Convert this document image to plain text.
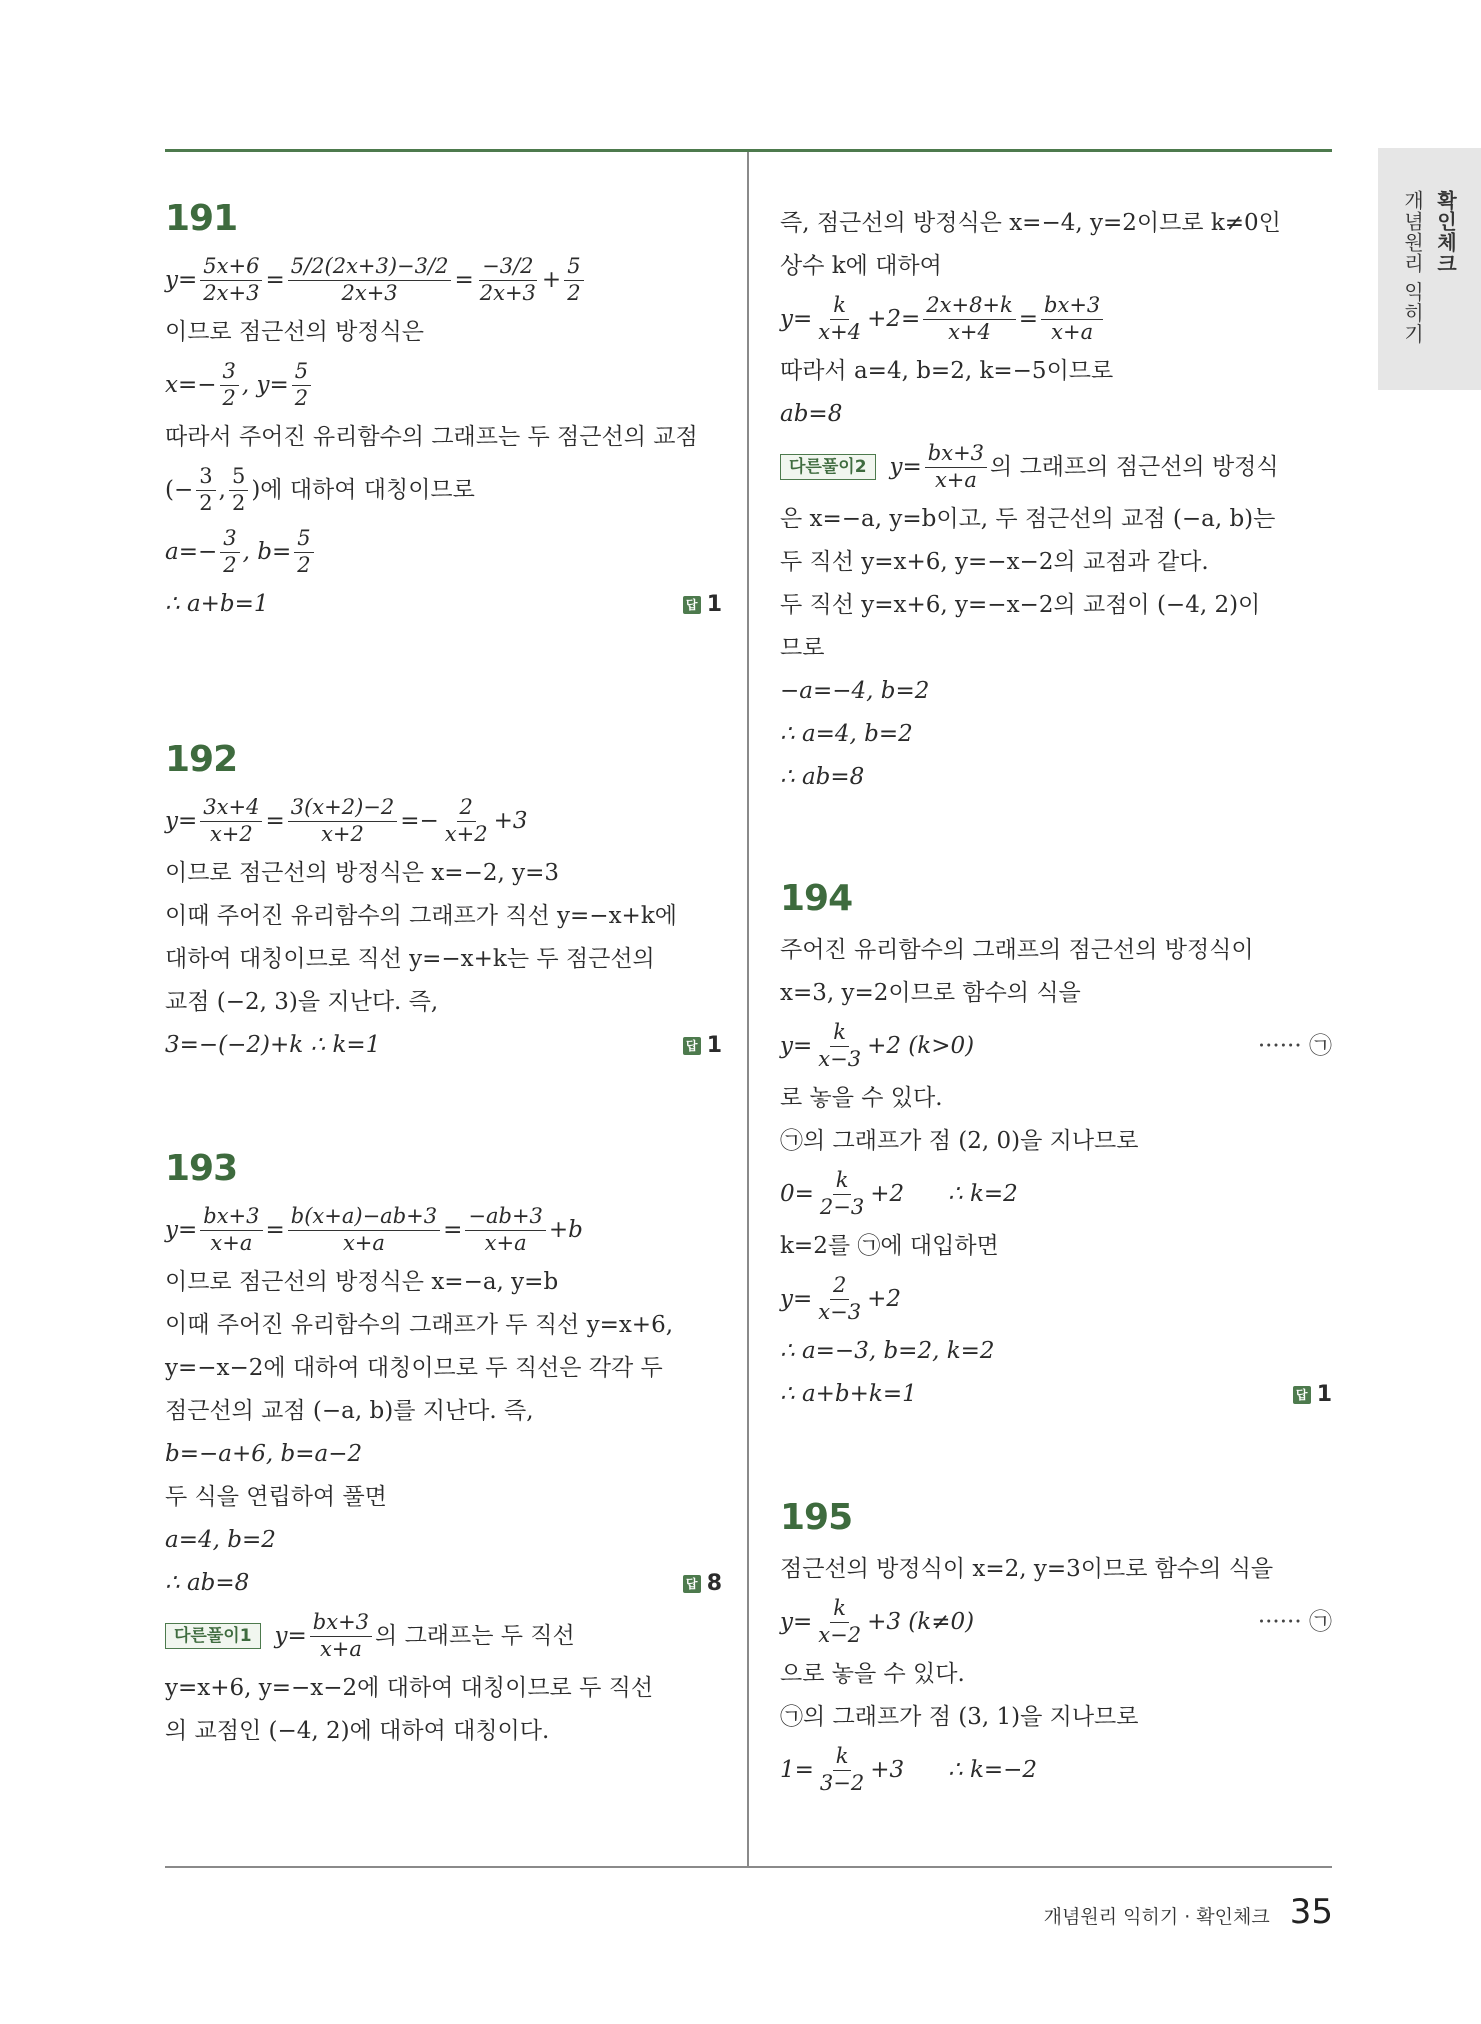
확인체크
개념원리 익히기
191
$y= \frac{5x+6}{2x+3} = \frac{5/2(2x+3)-3/2}{2x+3} = \frac{-3/2}{2x+3} + \frac{5}{2}$
이므로 점근선의 방정식은
$x=- \frac{3}{2}$ , $y= \frac{5}{2}$
따라서 주어진 유리함수의 그래프는 두 점근선의 교점
(− $\frac{3}{2}$ , $\frac{5}{2}$ )에 대하여 대칭이므로
$a=- \frac{3}{2}$ , $b= \frac{5}{2}$
∴ a+b=1	답 1
192
$y= \frac{3x+4}{x+2} = \frac{3(x+2)-2}{x+2} =- \frac{2}{x+2} +3$
이므로 점근선의 방정식은 x=−2, y=3
이때 주어진 유리함수의 그래프가 직선 y=−x+k에
대하여 대칭이므로 직선 y=−x+k는 두 점근선의
교점 (−2, 3)을 지난다. 즉,
3=−(−2)+k ∴ k=1	답 1
193
$y= \frac{bx+3}{x+a} = \frac{b(x+a)-ab+3}{x+a} = \frac{-ab+3}{x+a} +b$
이므로 점근선의 방정식은 x=−a, y=b
이때 주어진 유리함수의 그래프가 두 직선 y=x+6,
y=−x−2에 대하여 대칭이므로 두 직선은 각각 두
점근선의 교점 (−a, b)를 지난다. 즉,
b=−a+6, b=a−2
두 식을 연립하여 풀면
a=4, b=2
∴ ab=8	답 8
다른풀이1	$y= \frac{bx+3}{x+a}$ 의 그래프는 두 직선
y=x+6, y=−x−2에 대하여 대칭이므로 두 직선
의 교점인 (−4, 2)에 대하여 대칭이다.
즉, 점근선의 방정식은 x=−4, y=2이므로 k≠0인
상수 k에 대하여
$y= \frac{k}{x+4} +2= \frac{2x+8+k}{x+4} = \frac{bx+3}{x+a}$
따라서 a=4, b=2, k=−5이므로
ab=8
다른풀이2	$y= \frac{bx+3}{x+a}$ 의 그래프의 점근선의 방정식
은 x=−a, y=b이고, 두 점근선의 교점 (−a, b)는
두 직선 y=x+6, y=−x−2의 교점과 같다.
두 직선 y=x+6, y=−x−2의 교점이 (−4, 2)이
므로
−a=−4, b=2
∴ a=4, b=2
∴ ab=8
194
주어진 유리함수의 그래프의 점근선의 방정식이
x=3, y=2이므로 함수의 식을
$y= \frac{k}{x-3} +2$ (k>0)	······ ㉠
로 놓을 수 있다.
㉠의 그래프가 점 (2, 0)을 지나므로
$0= \frac{k}{2-3} +2$      ∴ k=2
k=2를 ㉠에 대입하면
$y= \frac{2}{x-3} +2$
∴ a=−3, b=2, k=2
∴ a+b+k=1	답 1
195
점근선의 방정식이 x=2, y=3이므로 함수의 식을
$y= \frac{k}{x-2} +3$ (k≠0)	······ ㉠
으로 놓을 수 있다.
㉠의 그래프가 점 (3, 1)을 지나므로
$1= \frac{k}{3-2} +3$      ∴ k=−2
개념원리 익히기 · 확인체크 35
